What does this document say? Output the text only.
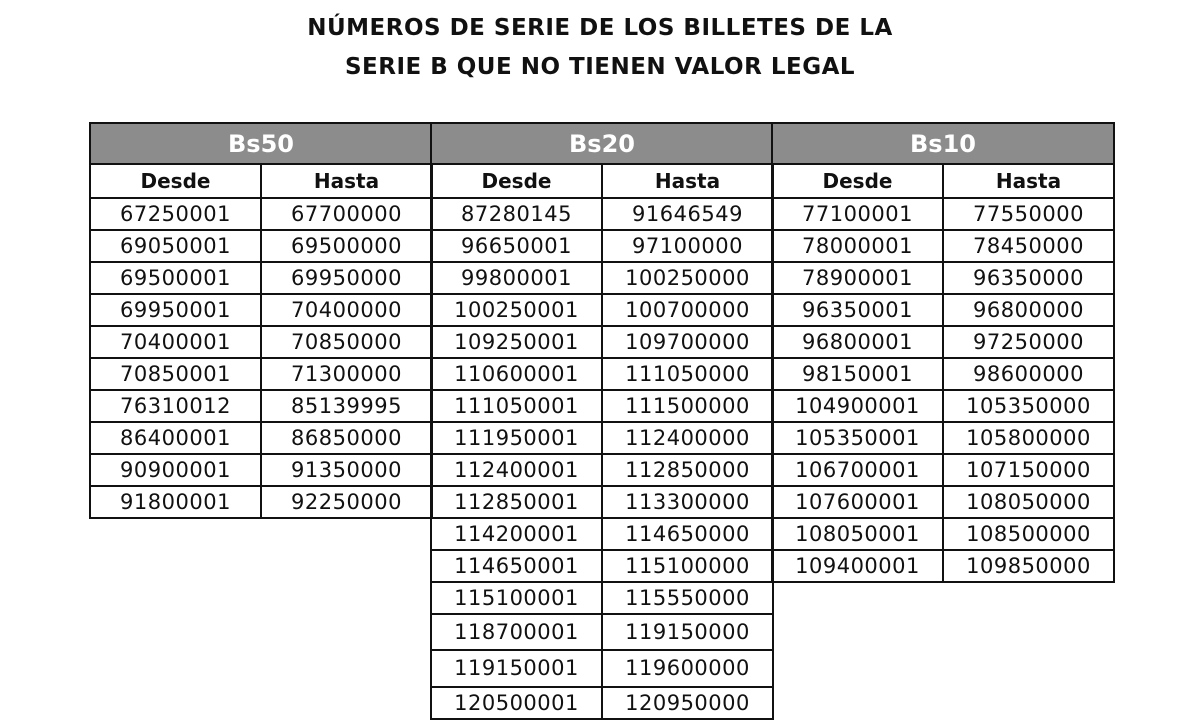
NÚMEROS DE SERIE DE LOS BILLETES DE LA
SERIE B QUE NO TIENEN VALOR LEGAL
Bs50
Desde	Hasta
67250001	67700000
69050001	69500000
69500001	69950000
69950001	70400000
70400001	70850000
70850001	71300000
76310012	85139995
86400001	86850000
90900001	91350000
91800001	92250000
Bs20
Desde	Hasta
87280145	91646549
96650001	97100000
99800001	100250000
100250001	100700000
109250001	109700000
110600001	111050000
111050001	111500000
111950001	112400000
112400001	112850000
112850001	113300000
114200001	114650000
114650001	115100000
115100001	115550000
118700001	119150000
119150001	119600000
120500001	120950000
Bs10
Desde	Hasta
77100001	77550000
78000001	78450000
78900001	96350000
96350001	96800000
96800001	97250000
98150001	98600000
104900001	105350000
105350001	105800000
106700001	107150000
107600001	108050000
108050001	108500000
109400001	109850000
